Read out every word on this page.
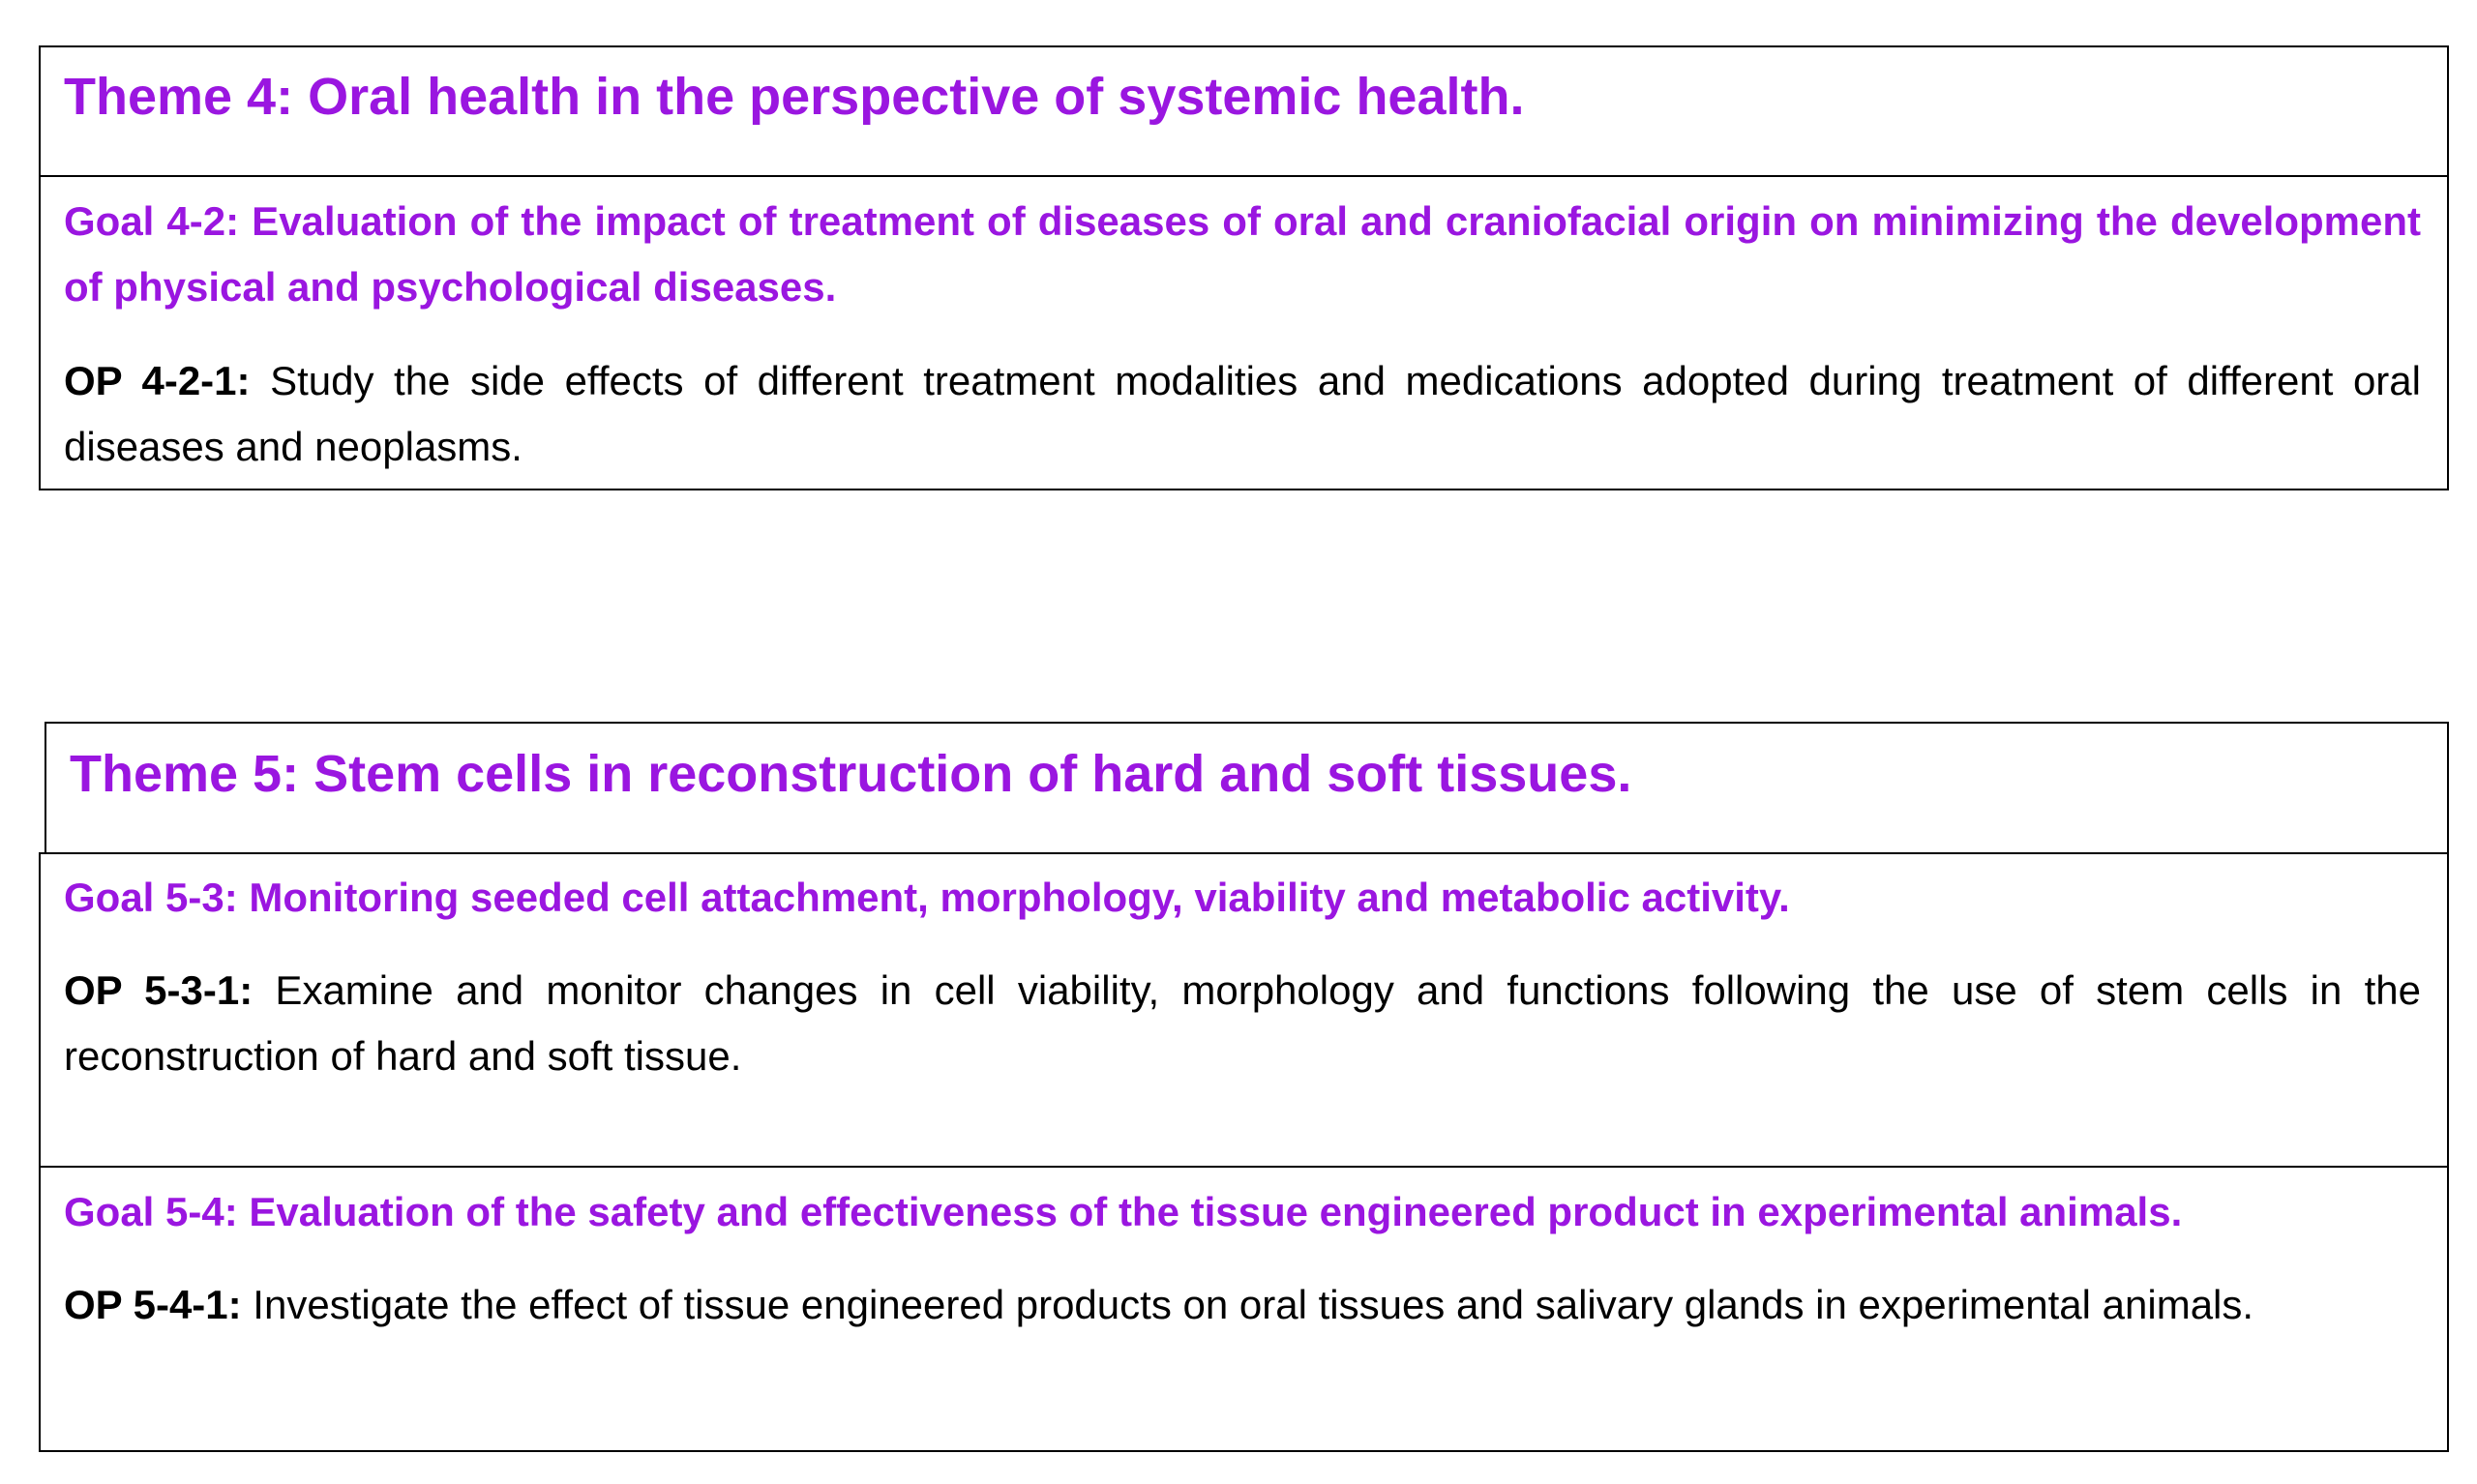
Theme 4: Oral health in the perspective of systemic health.

Goal 4-2: Evaluation of the impact of treatment of diseases of oral and craniofacial origin on minimizing the development of physical and psychological diseases.

OP 4-2-1: Study the side effects of different treatment modalities and medications adopted during treatment of different oral diseases and neoplasms.

Theme 5: Stem cells in reconstruction of hard and soft tissues.

Goal 5-3: Monitoring seeded cell attachment, morphology, viability and metabolic activity.

OP 5-3-1: Examine and monitor changes in cell viability, morphology and functions following the use of stem cells in the reconstruction of hard and soft tissue.

Goal 5-4: Evaluation of the safety and effectiveness of the tissue engineered product in experimental animals.

OP 5-4-1: Investigate the effect of tissue engineered products on oral tissues and salivary glands in experimental animals.
